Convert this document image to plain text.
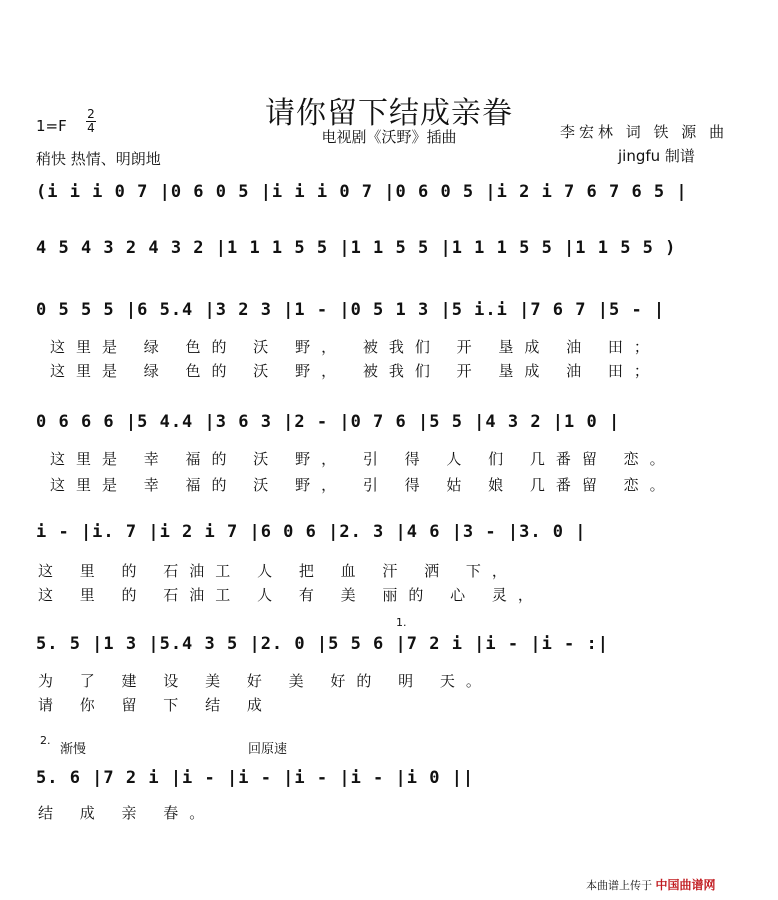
请你留下结成亲眷
电视剧《沃野》插曲
1=F
2
4
稍快 热情、明朗地
李宏林 词 铁 源 曲
jingfu 制谱
(i i i 0 7 |0 6 0 5 |i i i 0 7 |0 6 0 5 |i 2 i 7 6 7 6 5 |
4 5 4 3 2 4 3 2 |1 1 1 5 5 |1 1 5 5 |1 1 1 5 5 |1 1 5 5 )
0 5 5 5 |6 5.4 |3 2 3 |1 - |0 5 1 3 |5 i.i |7 6 7 |5 - |
这里是 绿 色的 沃 野， 被我们 开 垦成 油 田；
这里是 绿 色的 沃 野， 被我们 开 垦成 油 田；
0 6 6 6 |5 4.4 |3 6 3 |2 - |0 7 6 |5 5 |4 3 2 |1 0 |
这里是 幸 福的 沃 野， 引 得 人 们 几番留 恋。
这里是 幸 福的 沃 野， 引 得 姑 娘 几番留 恋。
i - |i. 7 |i 2 i 7 |6 0 6 |2. 3 |4 6 |3 - |3. 0 |
这 里 的 石油工 人 把 血 汗 洒 下，
这 里 的 石油工 人 有 美 丽的 心 灵，
1.
5. 5 |1 3 |5.4 3 5 |2. 0 |5 5 6 |7 2 i |i - |i - :|
为 了 建 设 美 好 美 好的 明 天。
请 你 留 下 结 成
2.
渐慢	回原速
5. 6 |7 2 i |i - |i - |i - |i - |i 0 ||
结 成 亲 春。
本曲谱上传于 中国曲谱网
